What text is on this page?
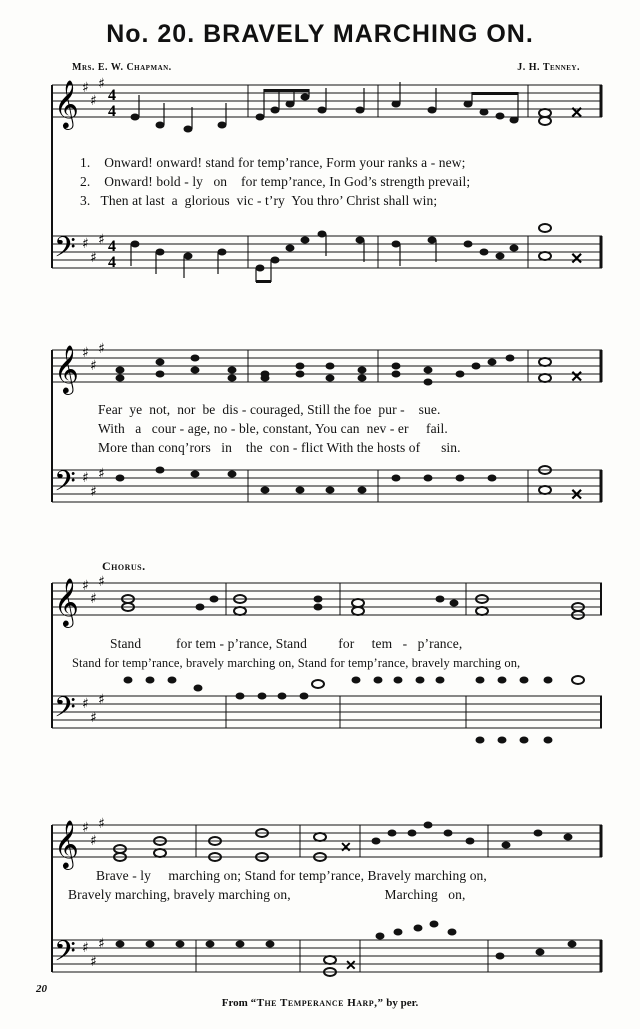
No. 20. BRAVELY MARCHING ON.
Mrs. E. W. Chapman.	J. H. Tenney.
𝄞
𝄢
♯
♯
♯
♯
♯
♯
4
4
4
4
✕
✕
𝄞
𝄢
♯
♯
♯
♯
♯
♯
✕
✕
𝄞
𝄢
♯
♯
♯
♯
♯
♯
𝄞
𝄢
♯
♯
♯
♯
♯
♯
✕
✕
1.    Onward! onward! stand for temp’rance, Form your ranks a - new;
2.    Onward! bold - ly   on    for temp’rance, In God’s strength prevail;
3.   Then at last  a  glorious  vic - t’ry  You thro’ Christ shall win;
Fear  ye  not,  nor  be  dis - couraged, Still the foe  pur -    sue.
With   a   cour - age, no - ble, constant, You can  nev - er     fail.
More than conq’rors   in    the  con - flict With the hosts of      sin.
Chorus.
Stand          for tem - p’rance, Stand         for     tem   -   p’rance,
Stand for temp’rance, bravely marching on, Stand for temp’rance, bravely marching on,
Brave - ly     marching on; Stand for temp’rance, Bravely marching on,
Bravely marching, bravely marching on,                           Marching   on,
20
From “The Temperance Harp,” by per.
